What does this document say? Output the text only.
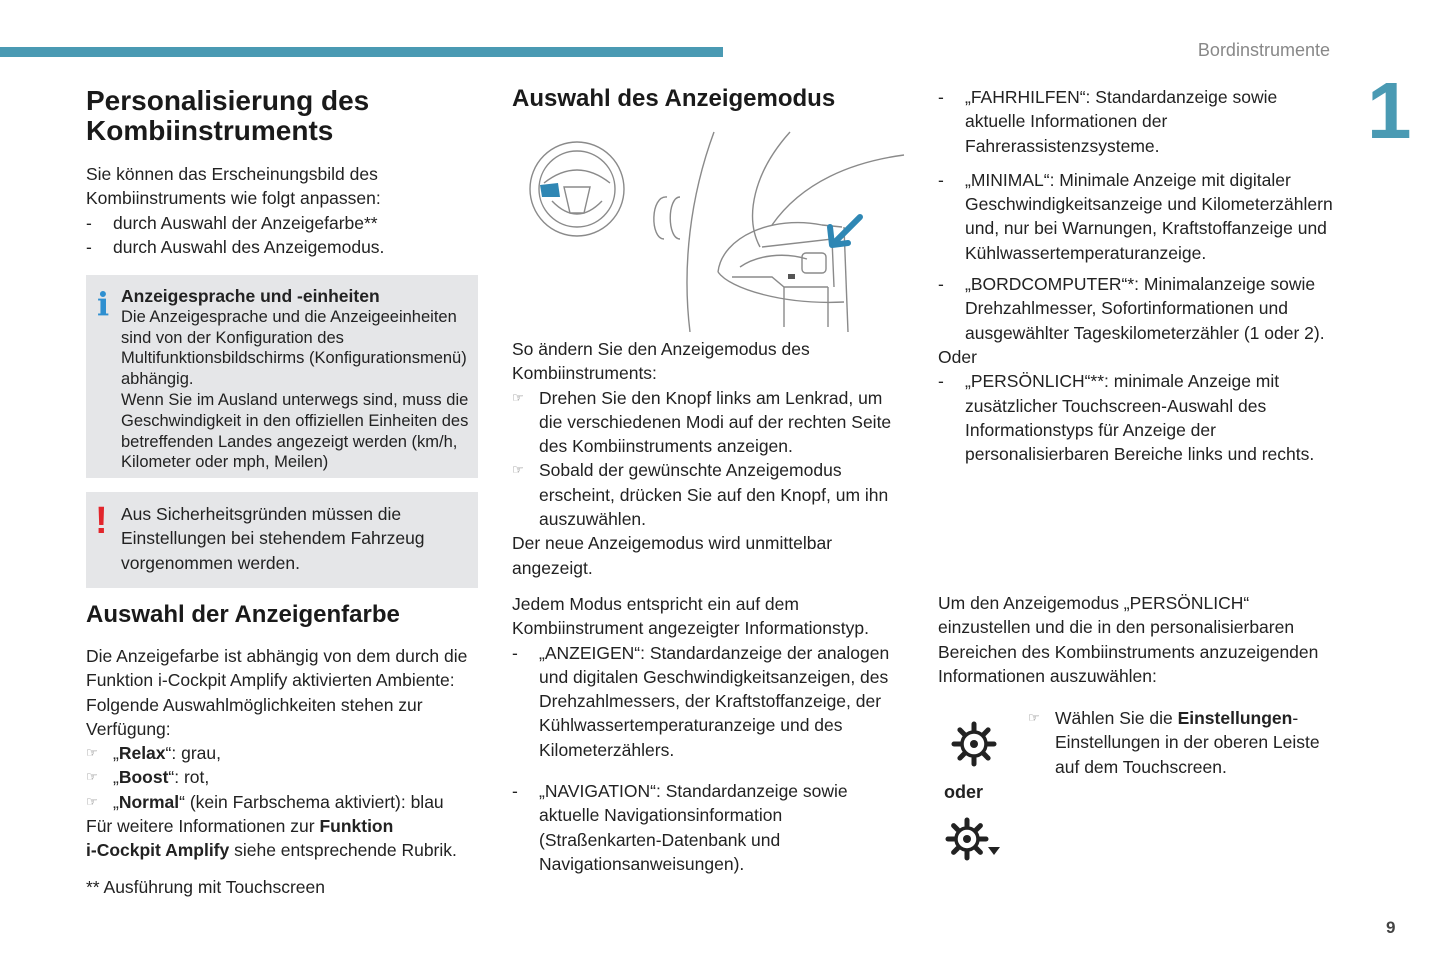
Bordinstrumente
1
9
Personalisierung des Kombiinstruments

Sie können das Erscheinungsbild des Kombiinstruments wie folgt anpassen:

- durch Auswahl der Anzeigefarbe**

- durch Auswahl des Anzeigemodus.

i Anzeigesprache und -einheiten

Die Anzeigesprache und die Anzeigeeinheiten sind von der Konfiguration des Multifunktionsbildschirms (Konfigurationsmenü) abhängig.

Wenn Sie im Ausland unterwegs sind, muss die Geschwindigkeit in den offiziellen Einheiten des betreffenden Landes angezeigt werden (km/h, Kilometer oder mph, Meilen)

! Aus Sicherheitsgründen müssen die Einstellungen bei stehendem Fahrzeug vorgenommen werden.

Auswahl der Anzeigenfarbe

Die Anzeigefarbe ist abhängig von dem durch die Funktion i-Cockpit Amplify aktivierten Ambiente:

Folgende Auswahlmöglichkeiten stehen zur Verfügung:

☞ „Relax“: grau,

☞ „Boost“: rot,

☞ „Normal“ (kein Farbschema aktiviert): blau

Für weitere Informationen zur Funktion
i-Cockpit Amplify siehe entsprechende Rubrik.

** Ausführung mit Touchscreen

Auswahl des Anzeigemodus

So ändern Sie den Anzeigemodus des Kombiinstruments:

☞ Drehen Sie den Knopf links am Lenkrad, um die verschiedenen Modi auf der rechten Seite des Kombiinstruments anzeigen.

☞ Sobald der gewünschte Anzeigemodus erscheint, drücken Sie auf den Knopf, um ihn auszuwählen.

Der neue Anzeigemodus wird unmittelbar angezeigt.

Jedem Modus entspricht ein auf dem Kombiinstrument angezeigter Informationstyp.

- „ANZEIGEN“: Standardanzeige der analogen und digitalen Geschwindigkeitsanzeigen, des Drehzahlmessers, der Kraftstoffanzeige, der Kühlwassertemperaturanzeige und des Kilometerzählers.

- „NAVIGATION“: Standardanzeige sowie aktuelle Navigationsinformation (Straßenkarten-Datenbank und Navigationsanweisungen).

- „FAHRHILFEN“: Standardanzeige sowie aktuelle Informationen der Fahrerassistenzsysteme.

- „MINIMAL“: Minimale Anzeige mit digitaler Geschwindigkeitsanzeige und Kilometerzählern und, nur bei Warnungen, Kraftstoffanzeige und Kühlwassertemperaturanzeige.

- „BORDCOMPUTER“*: Minimalanzeige sowie Drehzahlmesser, Sofortinformationen und ausgewählter Tageskilometerzähler (1 oder 2).

Oder

- „PERSÖNLICH“**: minimale Anzeige mit zusätzlicher Touchscreen-Auswahl des Informationstyps für Anzeige der personalisierbaren Bereiche links und rechts.

Um den Anzeigemodus „PERSÖNLICH“ einzustellen und die in den personalisierbaren Bereichen des Kombiinstruments anzuzeigenden Informationen auszuwählen:
oder

☞ Wählen Sie die Einstellungen-Einstellungen in der oberen Leiste auf dem Touchscreen.
